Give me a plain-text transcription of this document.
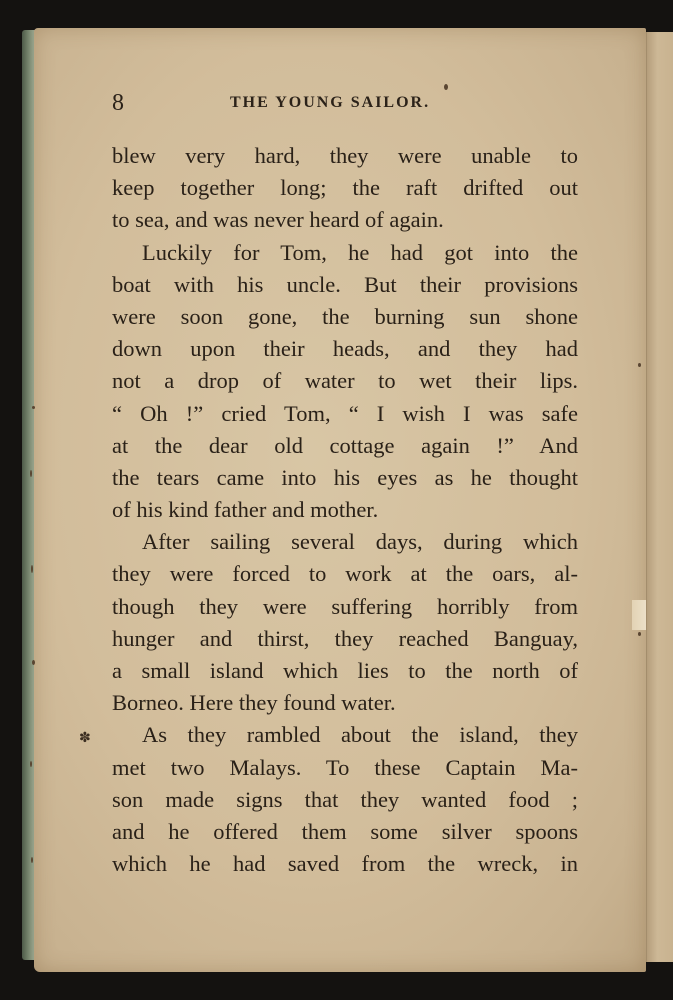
✽
8	THE YOUNG SAILOR.
blew very hard, they were unable to
keep together long; the raft drifted out
to sea, and was never heard of again.
Luckily for Tom, he had got into the
boat with his uncle. But their provisions
were soon gone, the burning sun shone
down upon their heads, and they had
not a drop of water to wet their lips.
“ Oh !” cried Tom, “ I wish I was safe
at the dear old cottage again !” And
the tears came into his eyes as he thought
of his kind father and mother.
After sailing several days, during which
they were forced to work at the oars, al-
though they were suffering horribly from
hunger and thirst, they reached Banguay,
a small island which lies to the north of
Borneo. Here they found water.
As they rambled about the island, they
met two Malays. To these Captain Ma-
son made signs that they wanted food ;
and he offered them some silver spoons
which he had saved from the wreck, in
